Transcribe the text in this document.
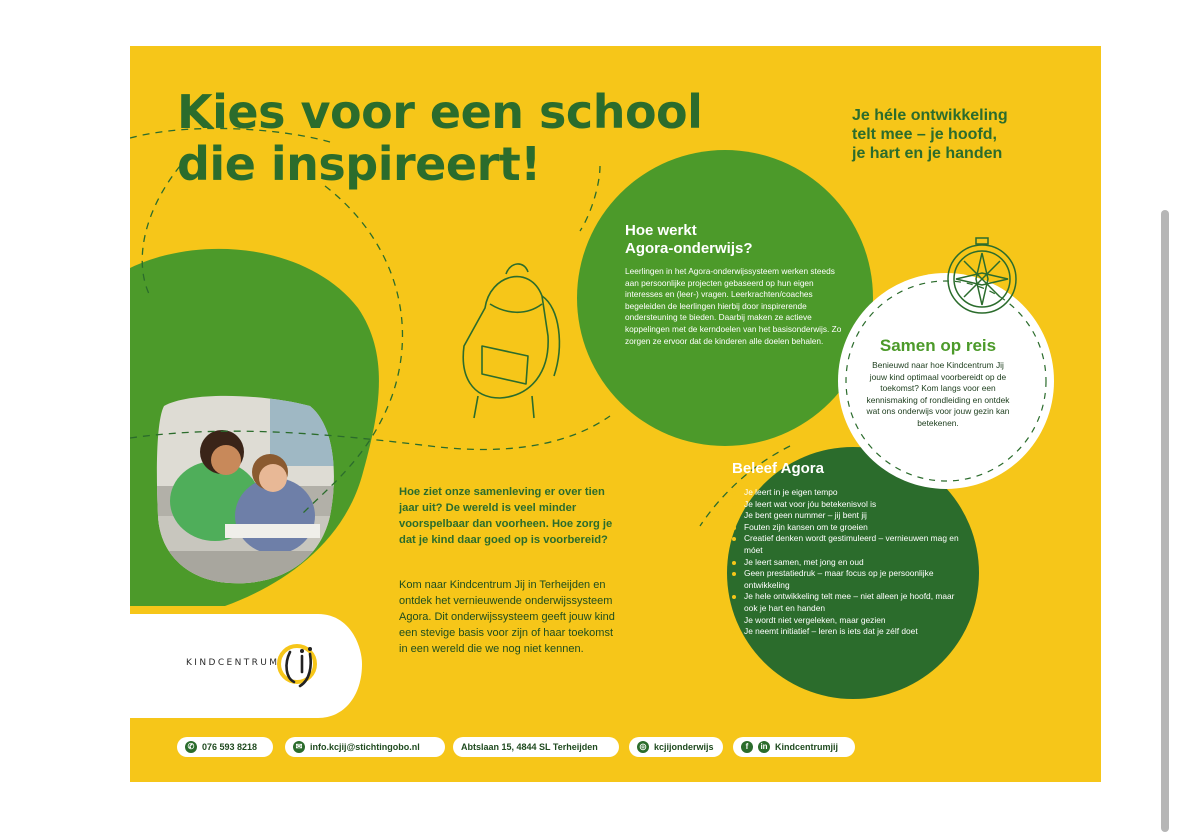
Kies voor een school
die inspireert!
Je héle ontwikkeling
telt mee – je hoofd,
je hart en je handen
Hoe werkt
Agora-onderwijs?
Leerlingen in het Agora-onderwijssysteem werken steeds aan persoonlijke projecten gebaseerd op hun eigen interesses en (leer-) vragen. Leerkrachten/coaches begeleiden de leerlingen hierbij door inspirerende ondersteuning te bieden. Daarbij maken ze actieve koppelingen met de kerndoelen van het basisonderwijs. Zo zorgen ze ervoor dat de kinderen alle doelen behalen.	Samen op reis
Benieuwd naar hoe Kindcentrum Jij jouw kind optimaal voorbereidt op de toekomst? Kom langs voor een kennismaking of rondleiding en ontdek wat ons onderwijs voor jouw gezin kan betekenen.
Beleef Agora
Je leert in je eigen tempo
Je leert wat voor jóu betekenisvol is
Je bent geen nummer – jij bent jij
Fouten zijn kansen om te groeien
Creatief denken wordt gestimuleerd – vernieuwen mag en móet
Je leert samen, met jong en oud
Geen prestatiedruk – maar focus op je persoonlijke ontwikkeling
Je hele ontwikkeling telt mee – niet alleen je hoofd, maar ook je hart en handen
Je wordt niet vergeleken, maar gezien
Je neemt initiatief – leren is iets dat je zélf doet
Hoe ziet onze samenleving er over tien jaar uit? De wereld is veel minder voorspelbaar dan voorheen. Hoe zorg je dat je kind daar goed op is voorbereid?
Kom naar Kindcentrum Jij in Terheijden en ontdek het vernieuwende onderwijssysteem Agora. Dit onderwijssysteem geeft jouw kind een stevige basis voor zijn of haar toekomst in een wereld die we nog niet kennen.
KINDCENTRUM
✆ 076 593 8218	✉ info.kcjij@stichtingobo.nl	Abtslaan 15, 4844 SL Terheijden	◎ kcjijonderwijs	f	in Kindcentrumjij
